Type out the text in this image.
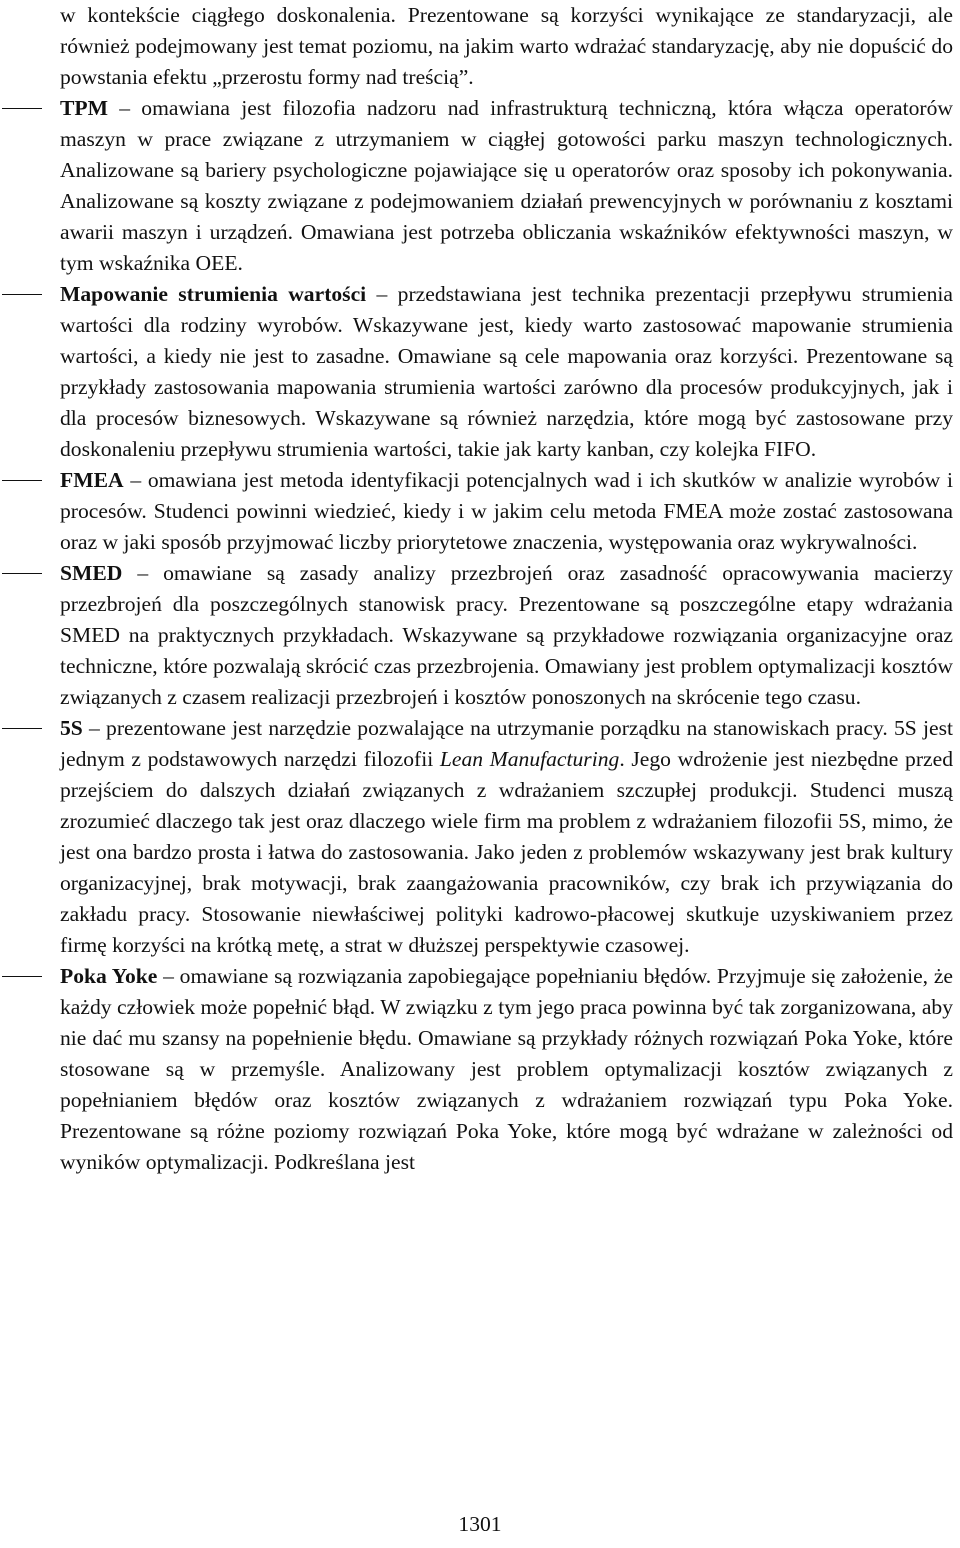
w kontekście ciągłego doskonalenia. Prezentowane są korzyści wynikające ze standaryzacji, ale również podejmowany jest temat poziomu, na jakim warto wdrażać standaryzację, aby nie dopuścić do powstania efektu „przerostu formy nad treścią”.

TPM – omawiana jest filozofia nadzoru nad infrastrukturą techniczną, która włącza operatorów maszyn w prace związane z utrzymaniem w ciągłej gotowości parku maszyn technologicznych. Analizowane są bariery psychologiczne pojawiające się u operatorów oraz sposoby ich pokonywania. Analizowane są koszty związane z podejmowaniem działań prewencyjnych w porównaniu z kosztami awarii maszyn i urządzeń. Omawiana jest potrzeba obliczania wskaźników efektywności maszyn, w tym wskaźnika OEE.
Mapowanie strumienia wartości – przedstawiana jest technika prezentacji przepływu strumienia wartości dla rodziny wyrobów. Wskazywane jest, kiedy warto zastosować mapowanie strumienia wartości, a kiedy nie jest to zasadne. Omawiane są cele mapowania oraz korzyści. Prezentowane są przykłady zastosowania mapowania strumienia wartości zarówno dla procesów produkcyjnych, jak i dla procesów biznesowych. Wskazywane są również narzędzia, które mogą być zastosowane przy doskonaleniu przepływu strumienia wartości, takie jak karty kanban, czy kolejka FIFO.
FMEA – omawiana jest metoda identyfikacji potencjalnych wad i ich skutków w analizie wyrobów i procesów. Studenci powinni wiedzieć, kiedy i w jakim celu metoda FMEA może zostać zastosowana oraz w jaki sposób przyjmować liczby priorytetowe znaczenia, występowania oraz wykrywalności.
SMED – omawiane są zasady analizy przezbrojeń oraz zasadność opracowywania macierzy przezbrojeń dla poszczególnych stanowisk pracy. Prezentowane są poszczególne etapy wdrażania SMED na praktycznych przykładach. Wskazywane są przykładowe rozwiązania organizacyjne oraz techniczne, które pozwalają skrócić czas przezbrojenia. Omawiany jest problem optymalizacji kosztów związanych z czasem realizacji przezbrojeń i kosztów ponoszonych na skrócenie tego czasu.
5S – prezentowane jest narzędzie pozwalające na utrzymanie porządku na stanowiskach pracy. 5S jest jednym z podstawowych narzędzi filozofii Lean Manufacturing. Jego wdrożenie jest niezbędne przed przejściem do dalszych działań związanych z wdrażaniem szczupłej produkcji. Studenci muszą zrozumieć dlaczego tak jest oraz dlaczego wiele firm ma problem z wdrażaniem filozofii 5S, mimo, że jest ona bardzo prosta i łatwa do zastosowania. Jako jeden z problemów wskazywany jest brak kultury organizacyjnej, brak motywacji, brak zaangażowania pracowników, czy brak ich przywiązania do zakładu pracy. Stosowanie niewłaściwej polityki kadrowo-płacowej skutkuje uzyskiwaniem przez firmę korzyści na krótką metę, a strat w dłuższej perspektywie czasowej.
Poka Yoke – omawiane są rozwiązania zapobiegające popełnianiu błędów. Przyjmuje się założenie, że każdy człowiek może popełnić błąd. W związku z tym jego praca powinna być tak zorganizowana, aby nie dać mu szansy na popełnienie błędu. Omawiane są przykłady różnych rozwiązań Poka Yoke, które stosowane są w przemyśle. Analizowany jest problem optymalizacji kosztów związanych z popełnianiem błędów oraz kosztów związanych z wdrażaniem rozwiązań typu Poka Yoke. Prezentowane są różne poziomy rozwiązań Poka Yoke, które mogą być wdrażane w zależności od wyników optymalizacji. Podkreślana jest
1301
